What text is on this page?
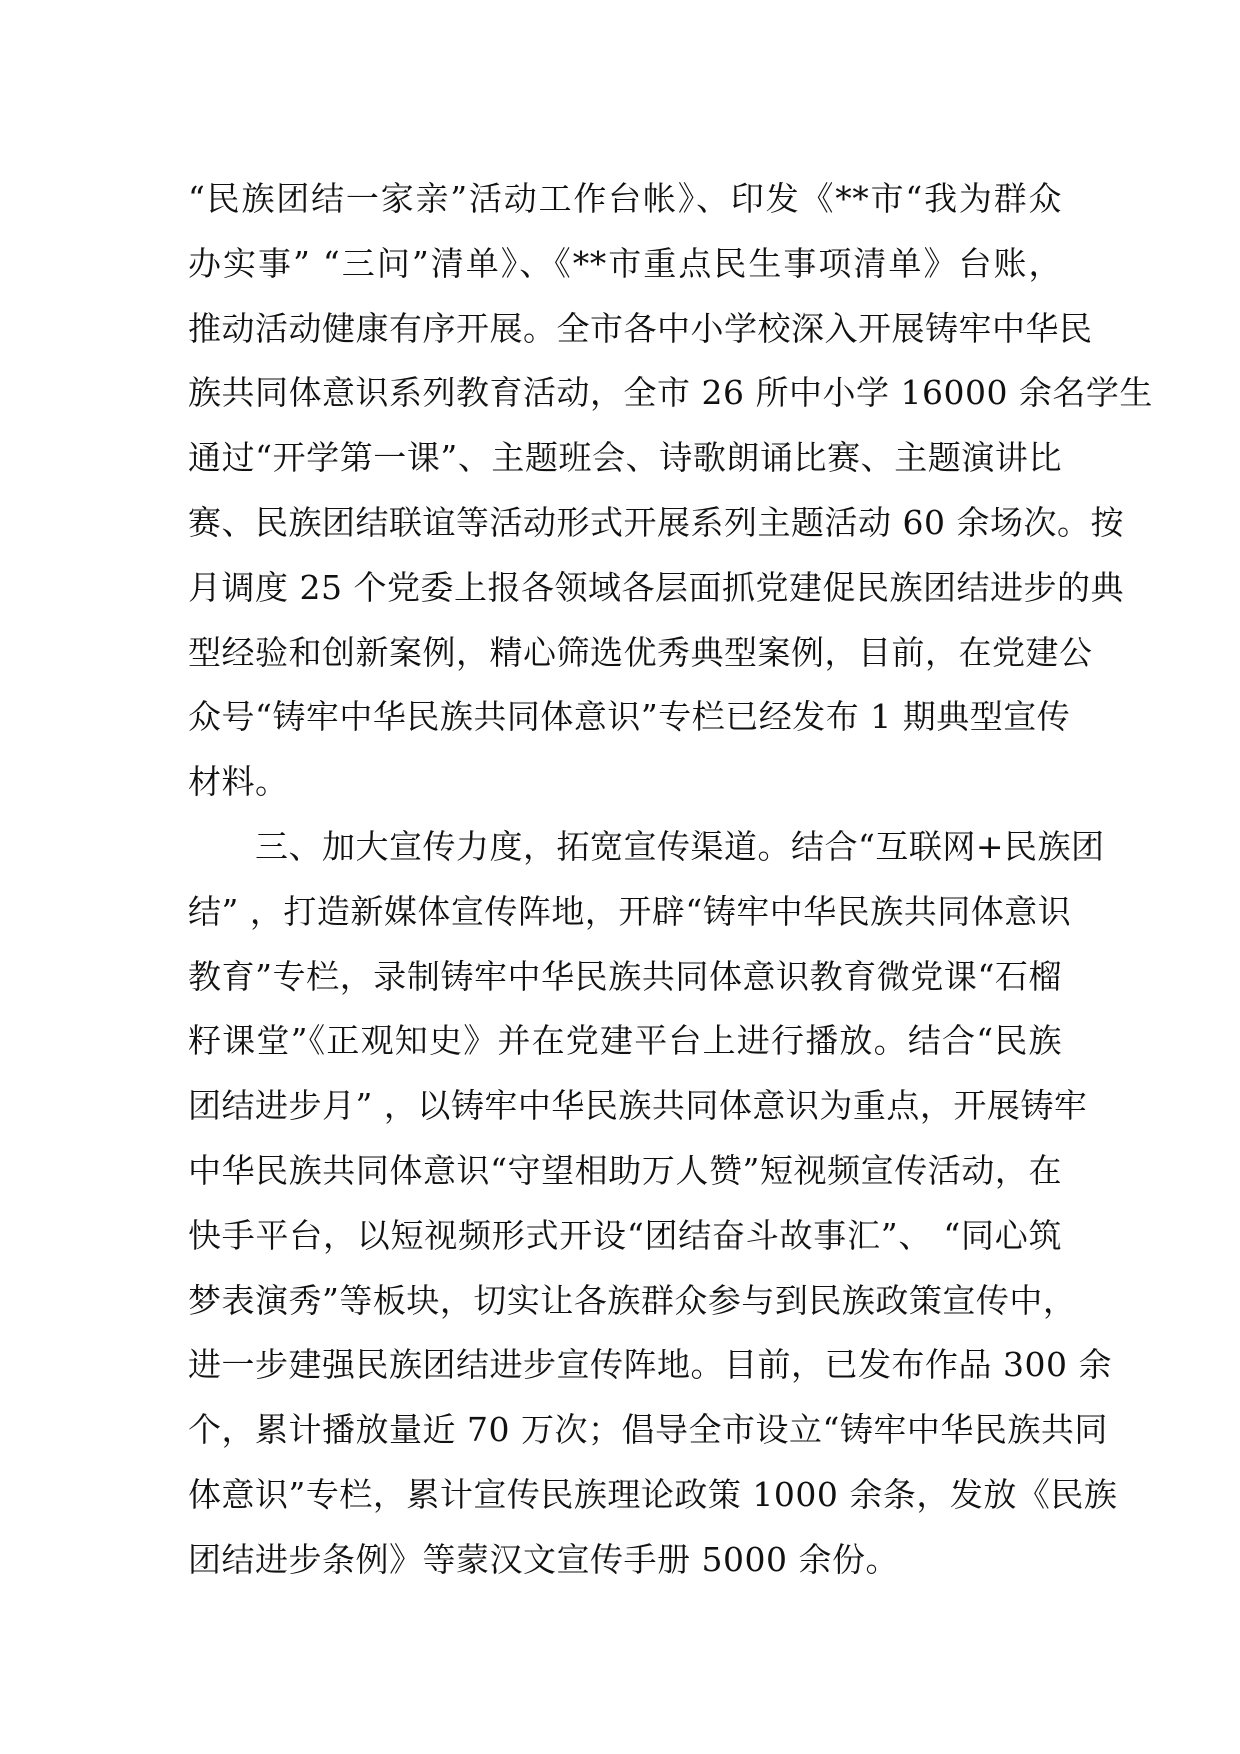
“民族团结一家亲”活动工作台帐》、印发《**市“我为群众
办实事” “三问”清单》、《**市重点民生事项清单》台账，
推动活动健康有序开展。全市各中小学校深入开展铸牢中华民
族共同体意识系列教育活动，全市 26 所中小学 16000 余名学生
通过“开学第一课”、主题班会、诗歌朗诵比赛、主题演讲比
赛、民族团结联谊等活动形式开展系列主题活动 60 余场次。按
月调度 25 个党委上报各领域各层面抓党建促民族团结进步的典
型经验和创新案例，精心筛选优秀典型案例，目前，在党建公
众号“铸牢中华民族共同体意识”专栏已经发布 1 期典型宣传
材料。
　　三、加大宣传力度，拓宽宣传渠道。结合“互联网+民族团
结” ，打造新媒体宣传阵地，开辟“铸牢中华民族共同体意识
教育”专栏，录制铸牢中华民族共同体意识教育微党课“石榴
籽课堂”《正观知史》并在党建平台上进行播放。结合“民族
团结进步月” ，以铸牢中华民族共同体意识为重点，开展铸牢
中华民族共同体意识“守望相助万人赞”短视频宣传活动，在
快手平台，以短视频形式开设“团结奋斗故事汇”、 “同心筑
梦表演秀”等板块，切实让各族群众参与到民族政策宣传中，
进一步建强民族团结进步宣传阵地。目前，已发布作品 300 余
个，累计播放量近 70 万次；倡导全市设立“铸牢中华民族共同
体意识”专栏，累计宣传民族理论政策 1000 余条，发放《民族
团结进步条例》等蒙汉文宣传手册 5000 余份。
